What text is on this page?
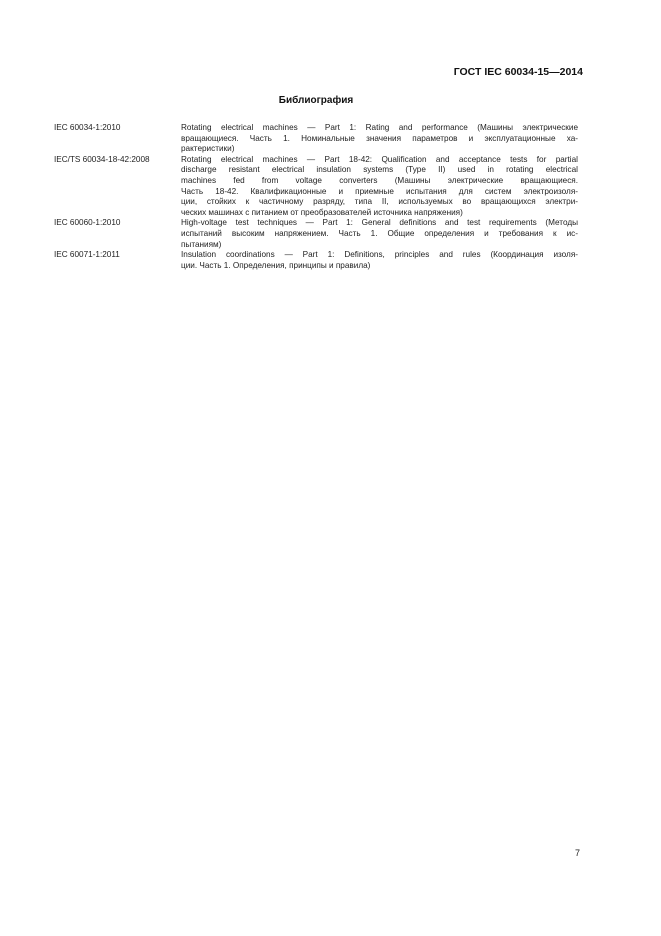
ГОСТ IEC 60034-15—2014
Библиография
IEC 60034-1:2010	Rotating electrical machines — Part 1: Rating and performance (Машины электрические
вращающиеся. Часть 1. Номинальные значения параметров и эксплуатационные ха-
рактеристики)
IEC/TS 60034-18-42:2008	Rotating electrical machines — Part 18-42: Qualification and acceptance tests for partial
discharge resistant electrical insulation systems (Type II) used in rotating electrical
machines fed from voltage converters (Машины электрические вращающиеся.
Часть 18-42. Квалификационные и приемные испытания для систем электроизоля-
ции, стойких к частичному разряду, типа II, используемых во вращающихся электри-
ческих машинах с питанием от преобразователей источника напряжения)
IEC 60060-1:2010	High-voltage test techniques — Part 1: General definitions and test requirements (Методы
испытаний высоким напряжением. Часть 1. Общие определения и требования к ис-
пытаниям)
IEC 60071-1:2011	Insulation coordinations — Part 1: Definitions, principles and rules (Координация изоля-
ции. Часть 1. Определения, принципы и правила)
7
